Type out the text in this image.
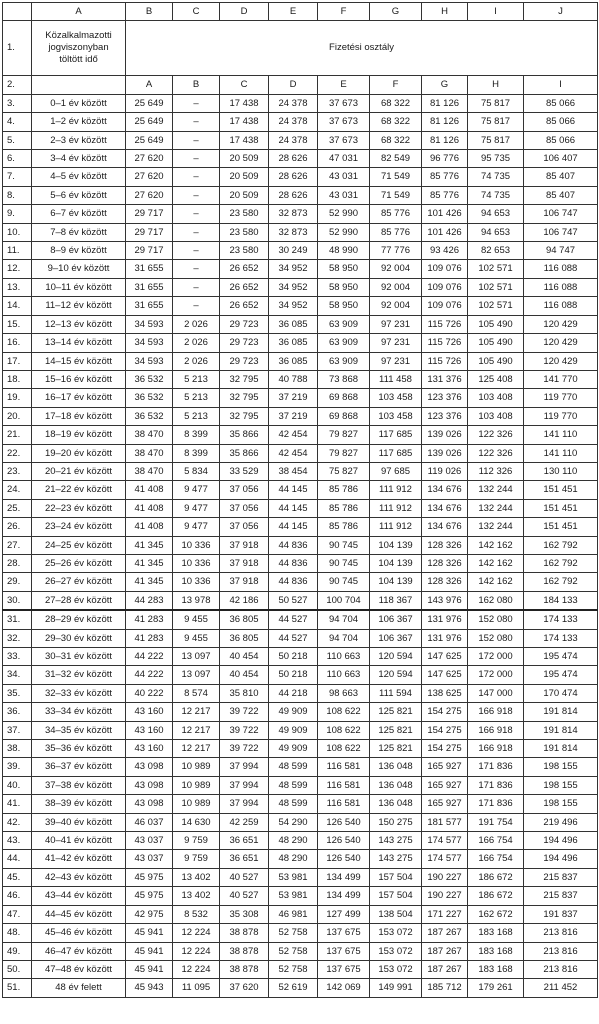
	A	B	C	D	E	F	G	H	I	J	
1.	Közalkalmazotti
jogviszonyban
töltött idő	Fizetési osztály									
2.		A	B	C	D	E	F	G	H	I	
3.	0–1 év között	25 649	–	17 438	24 378	37 673	68 322	81 126	75 817	85 066	
4.	1–2 év között	25 649	–	17 438	24 378	37 673	68 322	81 126	75 817	85 066	
5.	2–3 év között	25 649	–	17 438	24 378	37 673	68 322	81 126	75 817	85 066	
6.	3–4 év között	27 620	–	20 509	28 626	47 031	82 549	96 776	95 735	106 407	
7.	4–5 év között	27 620	–	20 509	28 626	43 031	71 549	85 776	74 735	85 407	
8.	5–6 év között	27 620	–	20 509	28 626	43 031	71 549	85 776	74 735	85 407	
9.	6–7 év között	29 717	–	23 580	32 873	52 990	85 776	101 426	94 653	106 747	
10.	7–8 év között	29 717	–	23 580	32 873	52 990	85 776	101 426	94 653	106 747	
11.	8–9 év között	29 717	–	23 580	30 249	48 990	77 776	93 426	82 653	94 747	
12.	9–10 év között	31 655	–	26 652	34 952	58 950	92 004	109 076	102 571	116 088	
13.	10–11 év között	31 655	–	26 652	34 952	58 950	92 004	109 076	102 571	116 088	
14.	11–12 év között	31 655	–	26 652	34 952	58 950	92 004	109 076	102 571	116 088	
15.	12–13 év között	34 593	2 026	29 723	36 085	63 909	97 231	115 726	105 490	120 429	
16.	13–14 év között	34 593	2 026	29 723	36 085	63 909	97 231	115 726	105 490	120 429	
17.	14–15 év között	34 593	2 026	29 723	36 085	63 909	97 231	115 726	105 490	120 429	
18.	15–16 év között	36 532	5 213	32 795	40 788	73 868	111 458	131 376	125 408	141 770	
19.	16–17 év között	36 532	5 213	32 795	37 219	69 868	103 458	123 376	103 408	119 770	
20.	17–18 év között	36 532	5 213	32 795	37 219	69 868	103 458	123 376	103 408	119 770	
21.	18–19 év között	38 470	8 399	35 866	42 454	79 827	117 685	139 026	122 326	141 110	
22.	19–20 év között	38 470	8 399	35 866	42 454	79 827	117 685	139 026	122 326	141 110	
23.	20–21 év között	38 470	5 834	33 529	38 454	75 827	97 685	119 026	112 326	130 110	
24.	21–22 év között	41 408	9 477	37 056	44 145	85 786	111 912	134 676	132 244	151 451	
25.	22–23 év között	41 408	9 477	37 056	44 145	85 786	111 912	134 676	132 244	151 451	
26.	23–24 év között	41 408	9 477	37 056	44 145	85 786	111 912	134 676	132 244	151 451	
27.	24–25 év között	41 345	10 336	37 918	44 836	90 745	104 139	128 326	142 162	162 792	
28.	25–26 év között	41 345	10 336	37 918	44 836	90 745	104 139	128 326	142 162	162 792	
29.	26–27 év között	41 345	10 336	37 918	44 836	90 745	104 139	128 326	142 162	162 792	
30.	27–28 év között	44 283	13 978	42 186	50 527	100 704	118 367	143 976	162 080	184 133	
31.	28–29 év között	41 283	9 455	36 805	44 527	94 704	106 367	131 976	152 080	174 133	
32.	29–30 év között	41 283	9 455	36 805	44 527	94 704	106 367	131 976	152 080	174 133	
33.	30–31 év között	44 222	13 097	40 454	50 218	110 663	120 594	147 625	172 000	195 474	
34.	31–32 év között	44 222	13 097	40 454	50 218	110 663	120 594	147 625	172 000	195 474	
35.	32–33 év között	40 222	8 574	35 810	44 218	98 663	111 594	138 625	147 000	170 474	
36.	33–34 év között	43 160	12 217	39 722	49 909	108 622	125 821	154 275	166 918	191 814	
37.	34–35 év között	43 160	12 217	39 722	49 909	108 622	125 821	154 275	166 918	191 814	
38.	35–36 év között	43 160	12 217	39 722	49 909	108 622	125 821	154 275	166 918	191 814	
39.	36–37 év között	43 098	10 989	37 994	48 599	116 581	136 048	165 927	171 836	198 155	
40.	37–38 év között	43 098	10 989	37 994	48 599	116 581	136 048	165 927	171 836	198 155	
41.	38–39 év között	43 098	10 989	37 994	48 599	116 581	136 048	165 927	171 836	198 155	
42.	39–40 év között	46 037	14 630	42 259	54 290	126 540	150 275	181 577	191 754	219 496	
43.	40–41 év között	43 037	9 759	36 651	48 290	126 540	143 275	174 577	166 754	194 496	
44.	41–42 év között	43 037	9 759	36 651	48 290	126 540	143 275	174 577	166 754	194 496	
45.	42–43 év között	45 975	13 402	40 527	53 981	134 499	157 504	190 227	186 672	215 837	
46.	43–44 év között	45 975	13 402	40 527	53 981	134 499	157 504	190 227	186 672	215 837	
47.	44–45 év között	42 975	8 532	35 308	46 981	127 499	138 504	171 227	162 672	191 837	
48.	45–46 év között	45 941	12 224	38 878	52 758	137 675	153 072	187 267	183 168	213 816	
49.	46–47 év között	45 941	12 224	38 878	52 758	137 675	153 072	187 267	183 168	213 816	
50.	47–48 év között	45 941	12 224	38 878	52 758	137 675	153 072	187 267	183 168	213 816	
51.	48 év felett	45 943	11 095	37 620	52 619	142 069	149 991	185 712	179 261	211 452	
